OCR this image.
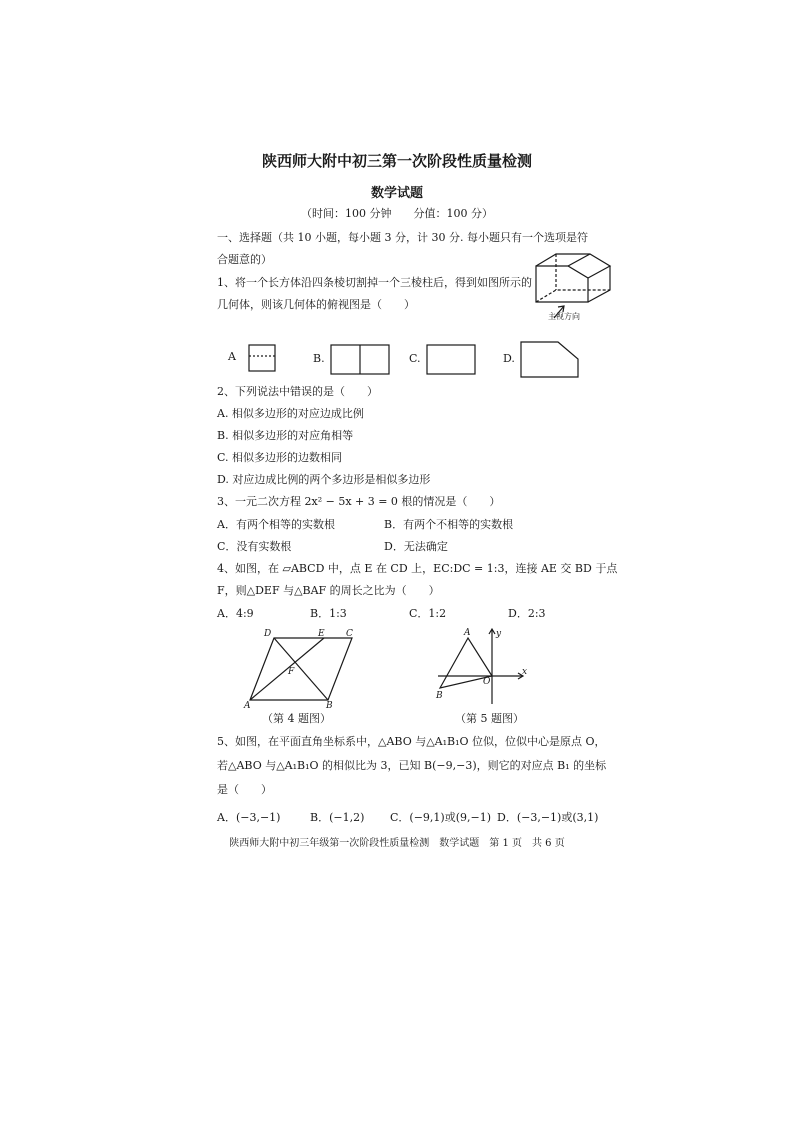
陕西师大附中初三第一次阶段性质量检测
数学试题
（时间：100 分钟　　分值：100 分）
一、选择题（共 10 小题，每小题 3 分，计 30 分. 每小题只有一个选项是符
合题意的）
1、将一个长方体沿四条棱切割掉一个三棱柱后，得到如图所示的
几何体，则该几何体的俯视图是（　　）
主视方向
A	B.	C.	D.
2、下列说法中错误的是（　　）
A. 相似多边形的对应边成比例
B. 相似多边形的对应角相等
C. 相似多边形的边数相同
D. 对应边成比例的两个多边形是相似多边形
3、一元二次方程 2x² − 5x + 3 = 0 根的情况是（　　）
A．有两个相等的实数根	B．有两个不相等的实数根
C．没有实数根	D．无法确定
4、如图，在 ▱ABCD 中，点 E 在 CD 上，EC:DC = 1:3，连接 AE 交 BD 于点
F，则△DEF 与△BAF 的周长之比为（　　）
A．4:9	B．1:3	C．1:2	D．2:3
D	E C
F
A	B
A	y
x
O
B
（第 4 题图）	（第 5 题图）
5、如图，在平面直角坐标系中，△ABO 与△A₁B₁O 位似，位似中心是原点 O，
若△ABO 与△A₁B₁O 的相似比为 3，已知 B(−9,−3)，则它的对应点 B₁ 的坐标
是（　　）
A．(−3,−1)	B．(−1,2) C．(−9,1)或(9,−1) D．(−3,−1)或(3,1)
陕西师大附中初三年级第一次阶段性质量检测　数学试题　第 1 页　共 6 页
